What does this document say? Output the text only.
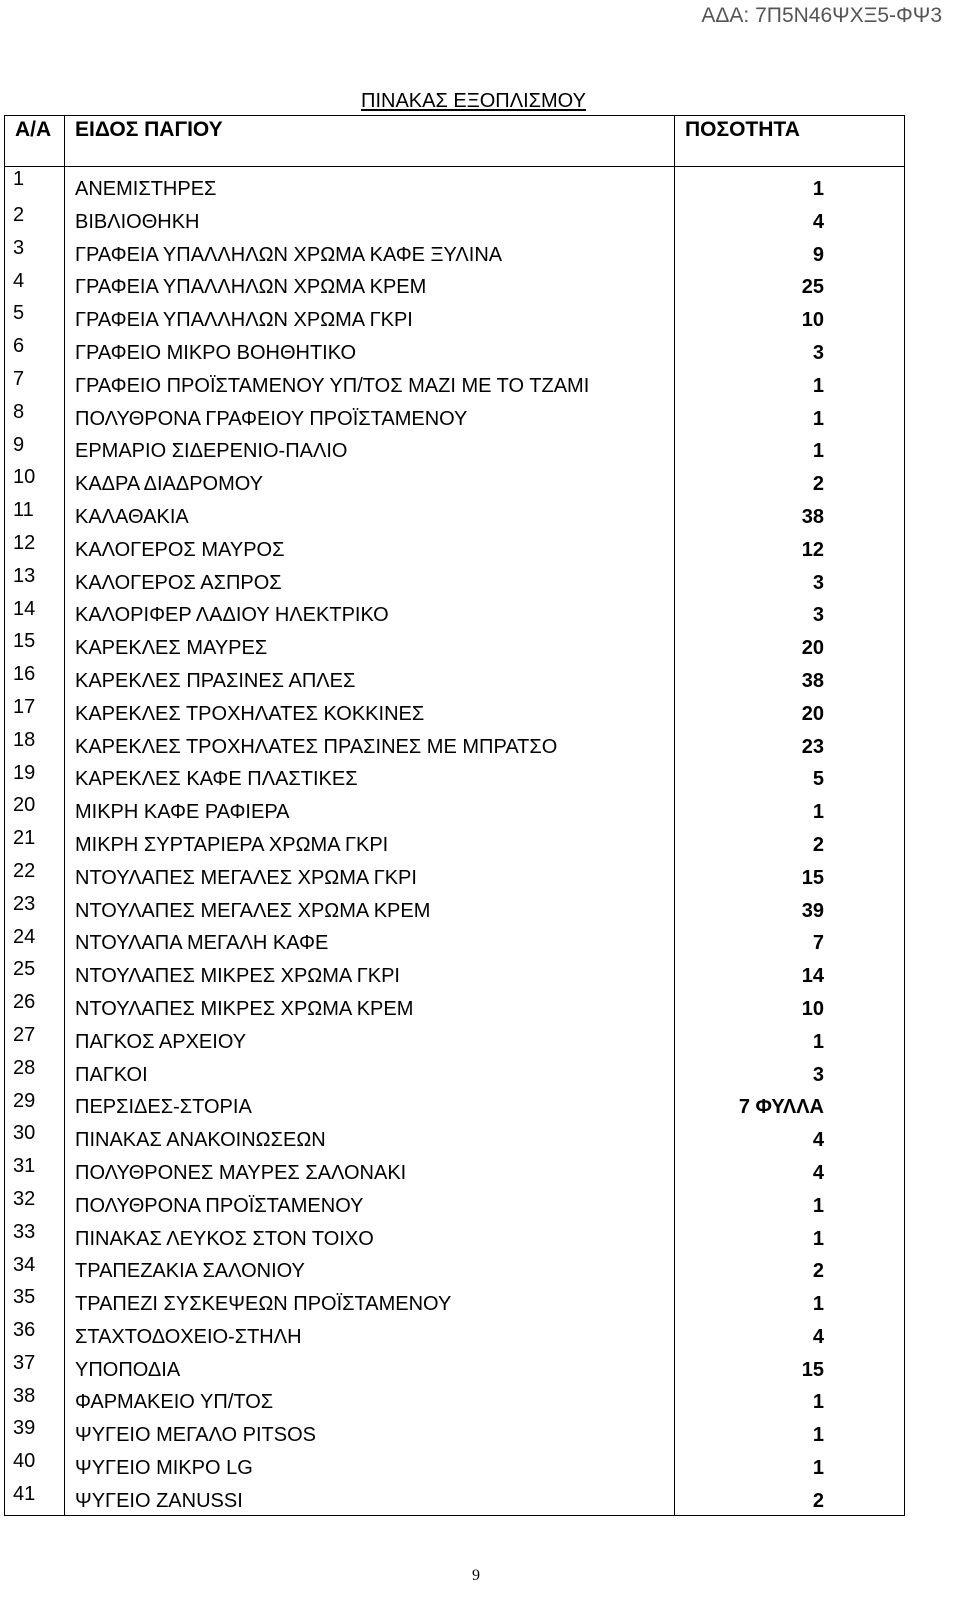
ΑΔΑ: 7Π5Ν46ΨΧΞ5-ΦΨ3
ΠΙΝΑΚΑΣ ΕΞΟΠΛΙΣΜΟΥ
Α/Α	ΕΙΔΟΣ ΠΑΓΙΟΥ	ΠΟΣΟΤΗΤΑ
1	ΑΝΕΜΙΣΤΗΡΕΣ	1
2	ΒΙΒΛΙΟΘΗΚΗ	4
3	ΓΡΑΦΕΙΑ ΥΠΑΛΛΗΛΩΝ ΧΡΩΜΑ ΚΑΦΕ ΞΥΛΙΝΑ	9
4	ΓΡΑΦΕΙΑ ΥΠΑΛΛΗΛΩΝ ΧΡΩΜΑ ΚΡΕΜ	25
5	ΓΡΑΦΕΙΑ ΥΠΑΛΛΗΛΩΝ ΧΡΩΜΑ ΓΚΡΙ	10
6	ΓΡΑΦΕΙΟ ΜΙΚΡΟ ΒΟΗΘΗΤΙΚΟ	3
7	ΓΡΑΦΕΙΟ ΠΡΟΪΣΤΑΜΕΝΟΥ ΥΠ/ΤΟΣ ΜΑΖΙ ΜΕ ΤΟ ΤΖΑΜΙ	1
8	ΠΟΛΥΘΡΟΝΑ ΓΡΑΦΕΙΟΥ ΠΡΟΪΣΤΑΜΕΝΟΥ	1
9	ΕΡΜΑΡΙΟ ΣΙΔΕΡΕΝΙΟ-ΠΑΛΙΟ	1
10	ΚΑΔΡΑ ΔΙΑΔΡΟΜΟΥ	2
11	ΚΑΛΑΘΑΚΙΑ	38
12	ΚΑΛΟΓΕΡΟΣ ΜΑΥΡΟΣ	12
13	ΚΑΛΟΓΕΡΟΣ ΑΣΠΡΟΣ	3
14	ΚΑΛΟΡΙΦΕΡ ΛΑΔΙΟΥ ΗΛΕΚΤΡΙΚΟ	3
15	ΚΑΡΕΚΛΕΣ ΜΑΥΡΕΣ	20
16	ΚΑΡΕΚΛΕΣ ΠΡΑΣΙΝΕΣ ΑΠΛΕΣ	38
17	ΚΑΡΕΚΛΕΣ ΤΡΟΧΗΛΑΤΕΣ ΚΟΚΚΙΝΕΣ	20
18	ΚΑΡΕΚΛΕΣ ΤΡΟΧΗΛΑΤΕΣ ΠΡΑΣΙΝΕΣ ΜΕ ΜΠΡΑΤΣΟ	23
19	ΚΑΡΕΚΛΕΣ ΚΑΦΕ ΠΛΑΣΤΙΚΕΣ	5
20	ΜΙΚΡΗ ΚΑΦΕ ΡΑΦΙΕΡΑ	1
21	ΜΙΚΡΗ ΣΥΡΤΑΡΙΕΡΑ ΧΡΩΜΑ ΓΚΡΙ	2
22	ΝΤΟΥΛΑΠΕΣ ΜΕΓΑΛΕΣ ΧΡΩΜΑ ΓΚΡΙ	15
23	ΝΤΟΥΛΑΠΕΣ ΜΕΓΑΛΕΣ ΧΡΩΜΑ ΚΡΕΜ	39
24	ΝΤΟΥΛΑΠΑ ΜΕΓΑΛΗ ΚΑΦΕ	7
25	ΝΤΟΥΛΑΠΕΣ ΜΙΚΡΕΣ ΧΡΩΜΑ ΓΚΡΙ	14
26	ΝΤΟΥΛΑΠΕΣ ΜΙΚΡΕΣ ΧΡΩΜΑ ΚΡΕΜ	10
27	ΠΑΓΚΟΣ ΑΡΧΕΙΟΥ	1
28	ΠΑΓΚΟΙ	3
29	ΠΕΡΣΙΔΕΣ-ΣΤΟΡΙΑ	7 ΦΥΛΛΑ
30	ΠΙΝΑΚΑΣ ΑΝΑΚΟΙΝΩΣΕΩΝ	4
31	ΠΟΛΥΘΡΟΝΕΣ ΜΑΥΡΕΣ ΣΑΛΟΝΑΚΙ	4
32	ΠΟΛΥΘΡΟΝΑ ΠΡΟΪΣΤΑΜΕΝΟΥ	1
33	ΠΙΝΑΚΑΣ ΛΕΥΚΟΣ ΣΤΟΝ ΤΟΙΧΟ	1
34	ΤΡΑΠΕΖΑΚΙΑ ΣΑΛΟΝΙΟΥ	2
35	ΤΡΑΠΕΖΙ ΣΥΣΚΕΨΕΩΝ ΠΡΟΪΣΤΑΜΕΝΟΥ	1
36	ΣΤΑΧΤΟΔΟΧΕΙΟ-ΣΤΗΛΗ	4
37	ΥΠΟΠΟΔΙΑ	15
38	ΦΑΡΜΑΚΕΙΟ ΥΠ/ΤΟΣ	1
39	ΨΥΓΕΙΟ ΜΕΓΑΛΟ PITSOS	1
40	ΨΥΓΕΙΟ ΜΙΚΡΟ LG	1
41	ΨΥΓΕΙΟ ZANUSSI	2
9
